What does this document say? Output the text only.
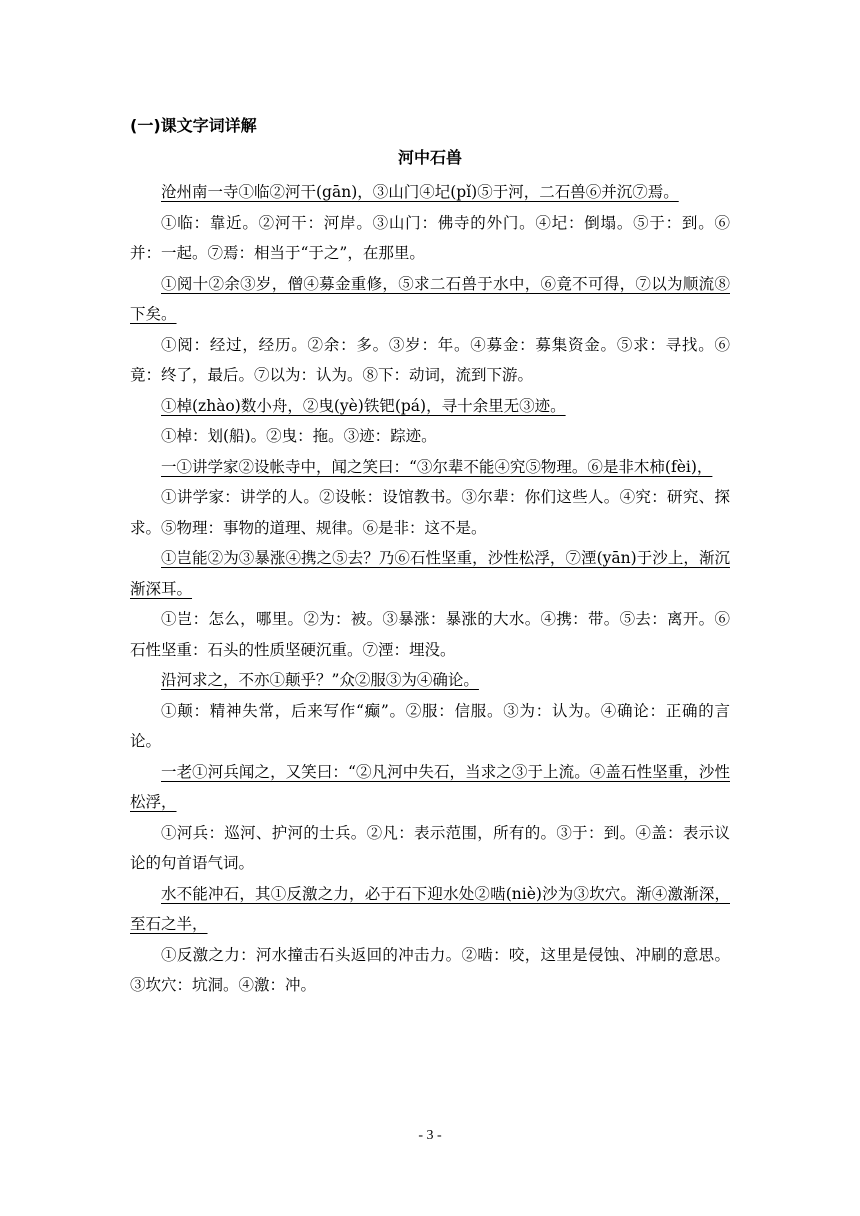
(一)课文字词详解
河中石兽

沧州南一寺①临②河干(gān)，③山门④圮(pǐ)⑤于河，二石兽⑥并沉⑦焉。

①临：靠近。②河干：河岸。③山门：佛寺的外门。④圮：倒塌。⑤于：到。⑥并：一起。⑦焉：相当于“于之”，在那里。

①阅十②余③岁，僧④募金重修，⑤求二石兽于水中，⑥竟不可得，⑦以为顺流⑧下矣。

①阅：经过，经历。②余：多。③岁：年。④募金：募集资金。⑤求：寻找。⑥竟：终了，最后。⑦以为：认为。⑧下：动词，流到下游。

①棹(zhào)数小舟，②曳(yè)铁钯(pá)，寻十余里无③迹。

①棹：划(船)。②曳：拖。③迹：踪迹。

一①讲学家②设帐寺中，闻之笑曰：“③尔辈不能④究⑤物理。⑥是非木柿(fèi)，

①讲学家：讲学的人。②设帐：设馆教书。③尔辈：你们这些人。④究：研究、探求。⑤物理：事物的道理、规律。⑥是非：这不是。

①岂能②为③暴涨④携之⑤去？乃⑥石性坚重，沙性松浮，⑦湮(yān)于沙上，渐沉渐深耳。

①岂：怎么，哪里。②为：被。③暴涨：暴涨的大水。④携：带。⑤去：离开。⑥石性坚重：石头的性质坚硬沉重。⑦湮：埋没。

沿河求之，不亦①颠乎？”众②服③为④确论。

①颠：精神失常，后来写作“癫”。②服：信服。③为：认为。④确论：正确的言论。

一老①河兵闻之，又笑曰：“②凡河中失石，当求之③于上流。④盖石性坚重，沙性松浮，

①河兵：巡河、护河的士兵。②凡：表示范围，所有的。③于：到。④盖：表示议论的句首语气词。

水不能冲石，其①反激之力，必于石下迎水处②啮(niè)沙为③坎穴。渐④激渐深，至石之半，

①反激之力：河水撞击石头返回的冲击力。②啮：咬，这里是侵蚀、冲刷的意思。③坎穴：坑洞。④激：冲。

- 3 -
